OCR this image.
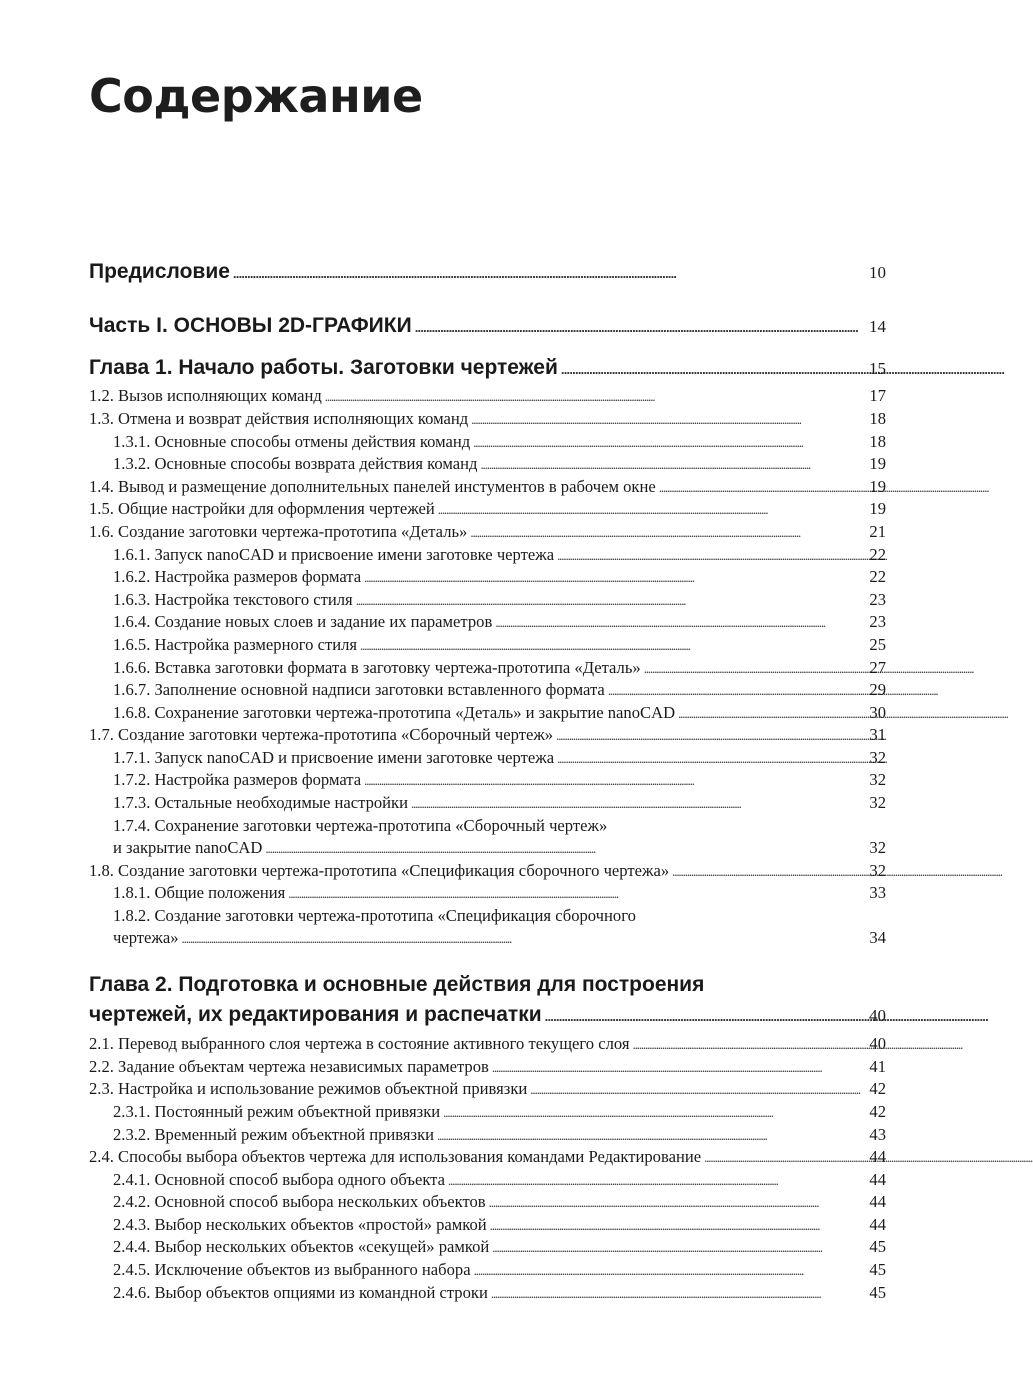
Содержание
Предисловие . . .	10
Часть I. ОСНОВЫ 2D-ГРАФИКИ . . .	14
Глава 1. Начало работы. Заготовки чертежей . . .	15
1.2. Вызов исполняющих команд . . .	17
1.3. Отмена и возврат действия исполняющих команд . . .	18
1.3.1. Основные способы отмены действия команд . . .	18
1.3.2. Основные способы возврата действия команд . . .	19
1.4. Вывод и размещение дополнительных панелей инстументов в рабочем окне . . .	19
1.5. Общие настройки для оформления чертежей . . .	19
1.6. Создание заготовки чертежа-прототипа «Деталь» . . .	21
1.6.1. Запуск nanoCAD и присвоение имени заготовке чертежа . . .	22
1.6.2. Настройка размеров формата . . .	22
1.6.3. Настройка текстового стиля . . .	23
1.6.4. Создание новых слоев и задание их параметров . . .	23
1.6.5. Настройка размерного стиля . . .	25
1.6.6. Вставка заготовки формата в заготовку чертежа-прототипа «Деталь» . . .	27
1.6.7. Заполнение основной надписи заготовки вставленного формата . . .	29
1.6.8. Сохранение заготовки чертежа-прототипа «Деталь» и закрытие nanoCAD . . .	30
1.7. Создание заготовки чертежа-прототипа «Сборочный чертеж» . . .	31
1.7.1. Запуск nanoCAD и присвоение имени заготовке чертежа . . .	32
1.7.2. Настройка размеров формата . . .	32
1.7.3. Остальные необходимые настройки . . .	32
1.7.4. Сохранение заготовки чертежа-прототипа «Сборочный чертеж»
и закрытие nanoCAD . . .	32
1.8. Создание заготовки чертежа-прототипа «Спецификация сборочного чертежа» . . .	32
1.8.1. Общие положения . . .	33
1.8.2. Создание заготовки чертежа-прототипа «Спецификация сборочного
чертежа» . . .	34
Глава 2. Подготовка и основные действия для построения
чертежей, их редактирования и распечатки . . .	40
2.1. Перевод выбранного слоя чертежа в состояние активного текущего слоя . . .	40
2.2. Задание объектам чертежа независимых параметров . . .	41
2.3. Настройка и использование режимов объектной привязки . . .	42
2.3.1. Постоянный режим объектной привязки . . .	42
2.3.2. Временный режим объектной привязки . . .	43
2.4. Способы выбора объектов чертежа для использования командами Редактирование . . .	44
2.4.1. Основной способ выбора одного объекта . . .	44
2.4.2. Основной способ выбора нескольких объектов . . .	44
2.4.3. Выбор нескольких объектов «простой» рамкой . . .	44
2.4.4. Выбор нескольких объектов «секущей» рамкой . . .	45
2.4.5. Исключение объектов из выбранного набора . . .	45
2.4.6. Выбор объектов опциями из командной строки . . .	45
